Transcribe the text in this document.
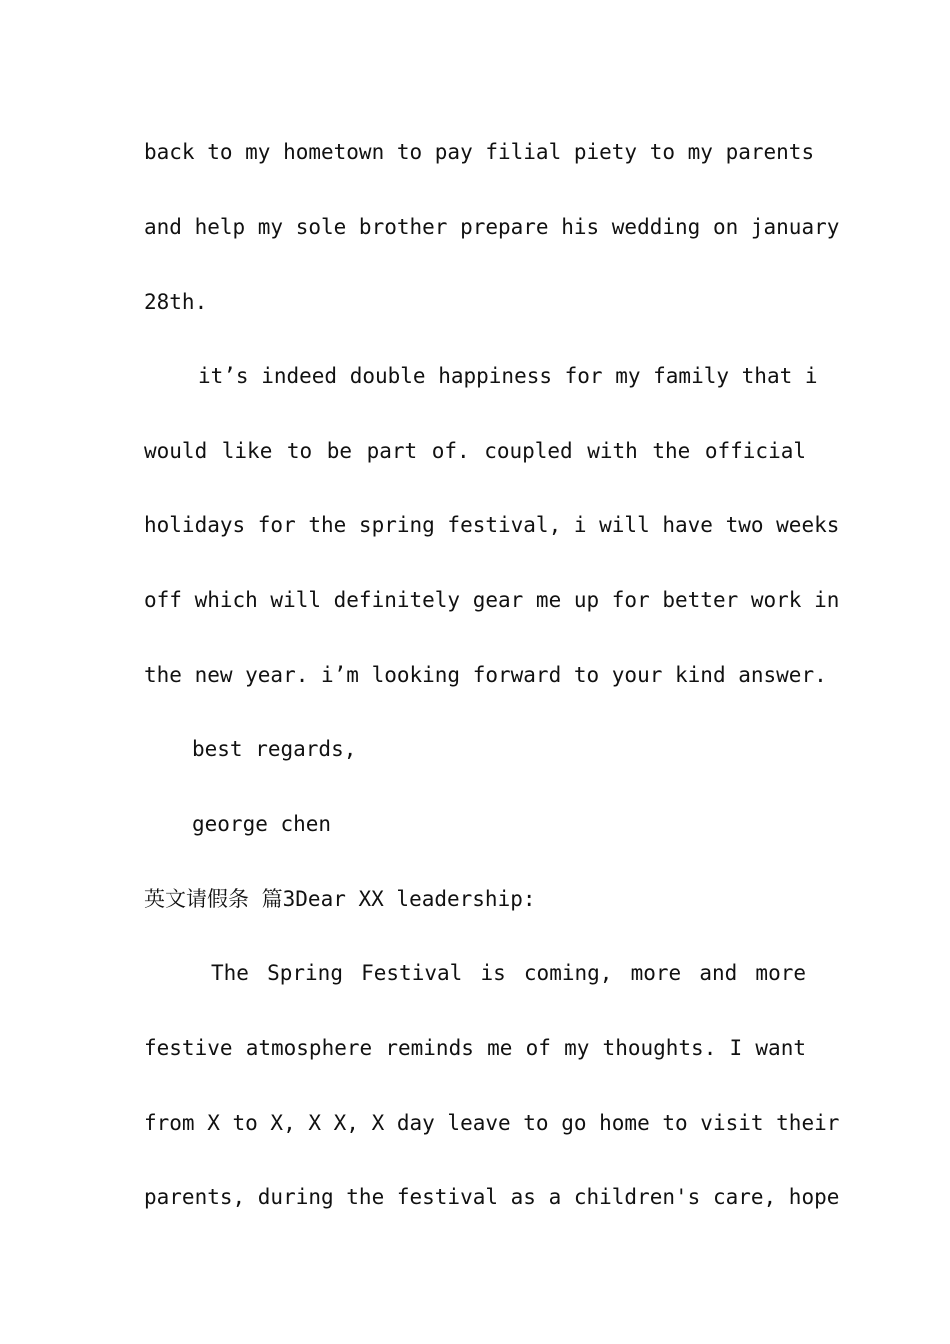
back to my hometown to pay filial piety to my parents
and help my sole brother prepare his wedding on january
28th.
it’s indeed double happiness for my family that i
would like to be part of. coupled with the official
holidays for the spring festival, i will have two weeks
off which will definitely gear me up for better work in
the new year. i’m looking forward to your kind answer.
best regards,
george chen
英文请假条 篇3Dear XX leadership:
The Spring Festival is coming, more and more
festive atmosphere reminds me of my thoughts. I want
from X to X, X X, X day leave to go home to visit their
parents, during the festival as a children's care, hope
